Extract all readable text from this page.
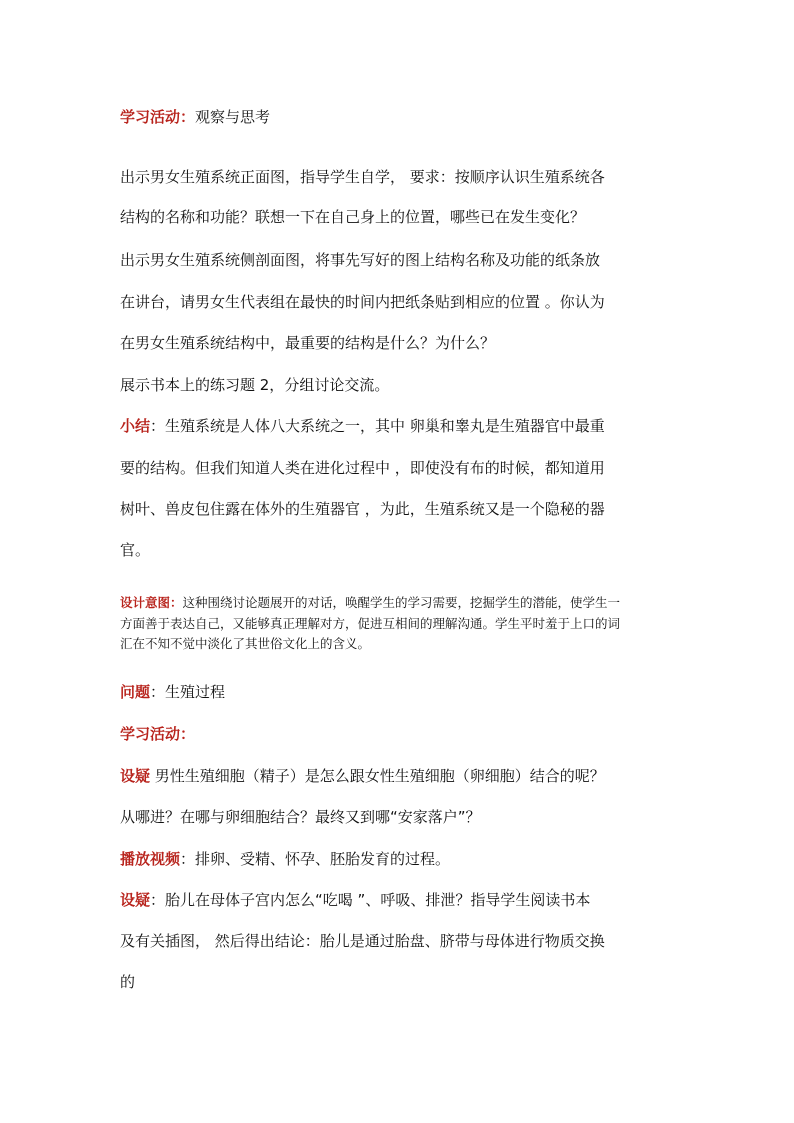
学习活动：观察与思考
出示男女生殖系统正面图，指导学生自学， 要求：按顺序认识生殖系统各
结构的名称和功能？联想一下在自己身上的位置，哪些已在发生变化？
出示男女生殖系统侧剖面图，将事先写好的图上结构名称及功能的纸条放
在讲台，请男女生代表组在最快的时间内把纸条贴到相应的位置 。你认为
在男女生殖系统结构中，最重要的结构是什么？为什么？
展示书本上的练习题 2，分组讨论交流。
小结：生殖系统是人体八大系统之一，其中 卵巢和睾丸是生殖器官中最重
要的结构。但我们知道人类在进化过程中 ，即使没有布的时候，都知道用
树叶、兽皮包住露在体外的生殖器官 ，为此，生殖系统又是一个隐秘的器
官。
设计意图：这种围绕讨论题展开的对话，唤醒学生的学习需要，挖掘学生的潜能，使学生一
方面善于表达自己，又能够真正理解对方，促进互相间的理解沟通。学生平时羞于上口的词
汇在不知不觉中淡化了其世俗文化上的含义。
问题：生殖过程
学习活动：
设疑 男性生殖细胞（精子）是怎么跟女性生殖细胞（卵细胞）结合的呢？
从哪进？在哪与卵细胞结合？最终又到哪“安家落户”？
播放视频：排卵、受精、怀孕、胚胎发育的过程。
设疑：胎儿在母体子宫内怎么“吃喝 ”、呼吸、排泄？指导学生阅读书本
及有关插图， 然后得出结论：胎儿是通过胎盘、脐带与母体进行物质交换
的
